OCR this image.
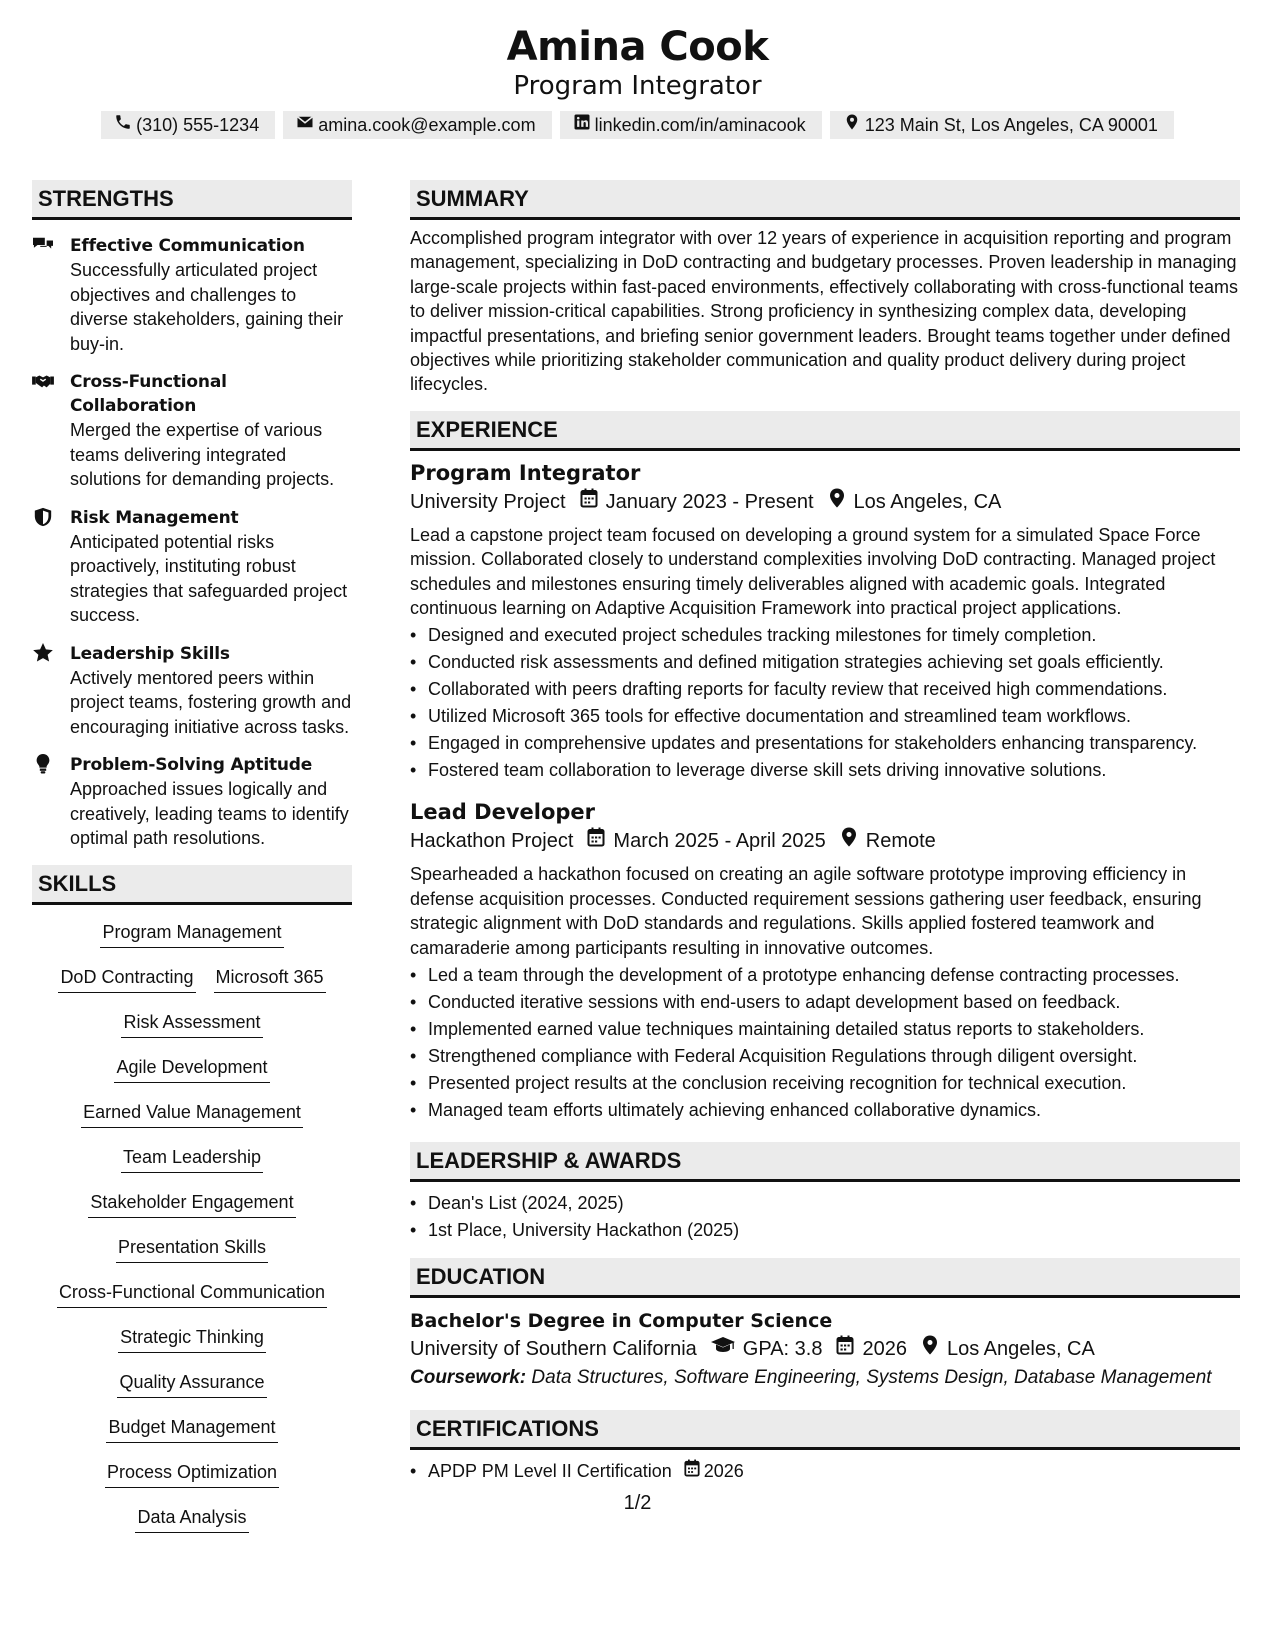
Amina Cook
Program Integrator
(310) 555-1234	amina.cook@example.com	linkedin.com/in/aminacook	123 Main St, Los Angeles, CA 90001
STRENGTHS
Effective Communication
Successfully articulated project objectives and challenges to diverse stakeholders, gaining their buy-in.
Cross-Functional Collaboration
Merged the expertise of various teams delivering integrated solutions for demanding projects.
Risk Management
Anticipated potential risks proactively, instituting robust strategies that safeguarded project success.
Leadership Skills
Actively mentored peers within project teams, fostering growth and encouraging initiative across tasks.
Problem-Solving Aptitude
Approached issues logically and creatively, leading teams to identify optimal path resolutions.
SKILLS
Program Management
DoD Contracting Microsoft 365
Risk Assessment
Agile Development
Earned Value Management
Team Leadership
Stakeholder Engagement
Presentation Skills
Cross-Functional Communication
Strategic Thinking
Quality Assurance
Budget Management
Process Optimization
Data Analysis
SUMMARY
Accomplished program integrator with over 12 years of experience in acquisition reporting and program management, specializing in DoD contracting and budgetary processes. Proven leadership in managing large-scale projects within fast-paced environments, effectively collaborating with cross-functional teams to deliver mission-critical capabilities. Strong proficiency in synthesizing complex data, developing impactful presentations, and briefing senior government leaders. Brought teams together under defined objectives while prioritizing stakeholder communication and quality product delivery during project lifecycles.
EXPERIENCE
Program Integrator
University Project January 2023 - Present Los Angeles, CA
Lead a capstone project team focused on developing a ground system for a simulated Space Force mission. Collaborated closely to understand complexities involving DoD contracting. Managed project schedules and milestones ensuring timely deliverables aligned with academic goals. Integrated continuous learning on Adaptive Acquisition Framework into practical project applications.
• Designed and executed project schedules tracking milestones for timely completion.
• Conducted risk assessments and defined mitigation strategies achieving set goals efficiently.
• Collaborated with peers drafting reports for faculty review that received high commendations.
• Utilized Microsoft 365 tools for effective documentation and streamlined team workflows.
• Engaged in comprehensive updates and presentations for stakeholders enhancing transparency.
• Fostered team collaboration to leverage diverse skill sets driving innovative solutions.
Lead Developer
Hackathon Project March 2025 - April 2025 Remote
Spearheaded a hackathon focused on creating an agile software prototype improving efficiency in defense acquisition processes. Conducted requirement sessions gathering user feedback, ensuring strategic alignment with DoD standards and regulations. Skills applied fostered teamwork and camaraderie among participants resulting in innovative outcomes.
• Led a team through the development of a prototype enhancing defense contracting processes.
• Conducted iterative sessions with end-users to adapt development based on feedback.
• Implemented earned value techniques maintaining detailed status reports to stakeholders.
• Strengthened compliance with Federal Acquisition Regulations through diligent oversight.
• Presented project results at the conclusion receiving recognition for technical execution.
• Managed team efforts ultimately achieving enhanced collaborative dynamics.
LEADERSHIP & AWARDS
• Dean's List (2024, 2025)
• 1st Place, University Hackathon (2025)
EDUCATION
Bachelor's Degree in Computer Science
University of Southern California GPA: 3.8 2026 Los Angeles, CA
Coursework: Data Structures, Software Engineering, Systems Design, Database Management
CERTIFICATIONS
• APDP PM Level II Certification 2026
1/2
